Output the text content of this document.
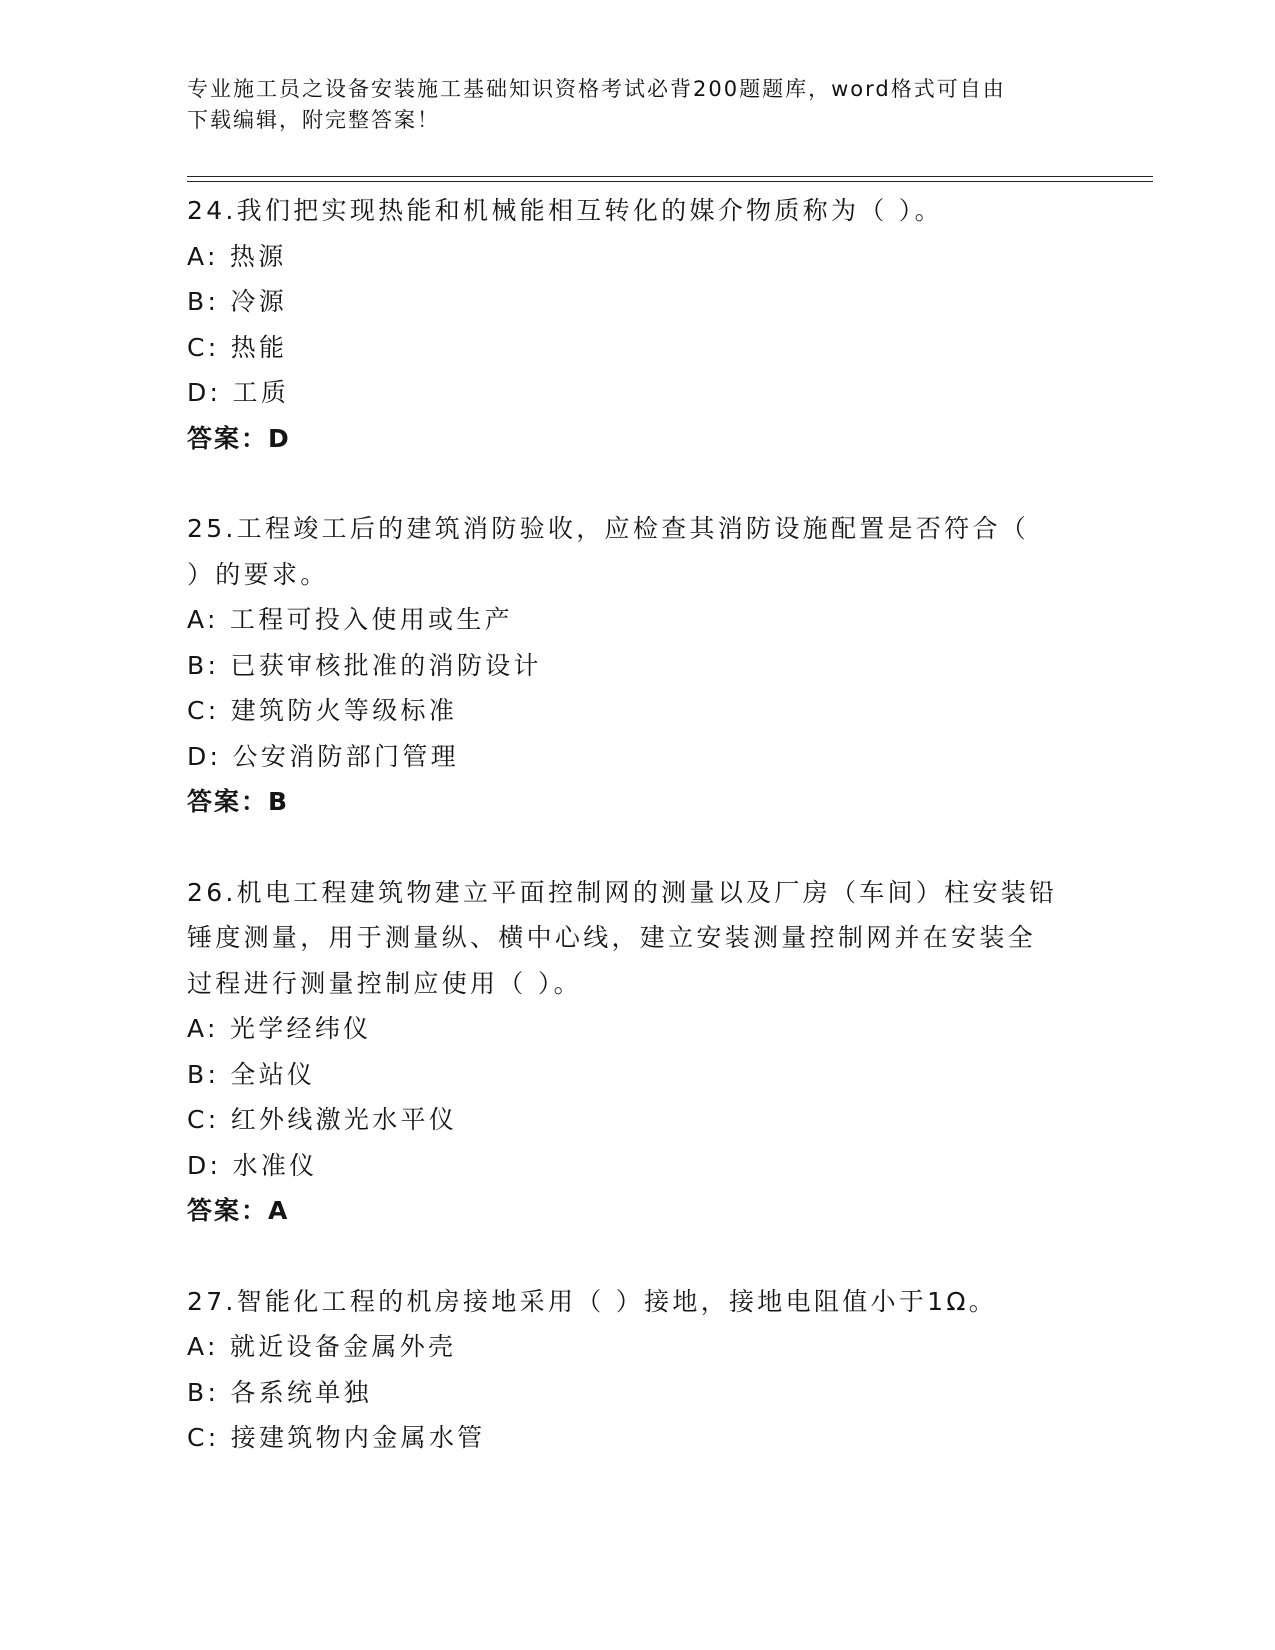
专业施工员之设备安装施工基础知识资格考试必背200题题库，word格式可自由
下载编辑，附完整答案！
24.我们把实现热能和机械能相互转化的媒介物质称为（ ）。
A: 热源
B: 冷源
C: 热能
D: 工质
答案：D
25.工程竣工后的建筑消防验收，应检查其消防设施配置是否符合（
）的要求。
A: 工程可投入使用或生产
B: 已获审核批准的消防设计
C: 建筑防火等级标准
D: 公安消防部门管理
答案：B
26.机电工程建筑物建立平面控制网的测量以及厂房（车间）柱安装铅
锤度测量，用于测量纵、横中心线，建立安装测量控制网并在安装全
过程进行测量控制应使用（ ）。
A: 光学经纬仪
B: 全站仪
C: 红外线激光水平仪
D: 水准仪
答案：A
27.智能化工程的机房接地采用（ ）接地，接地电阻值小于1Ω。
A: 就近设备金属外壳
B: 各系统单独
C: 接建筑物内金属水管
